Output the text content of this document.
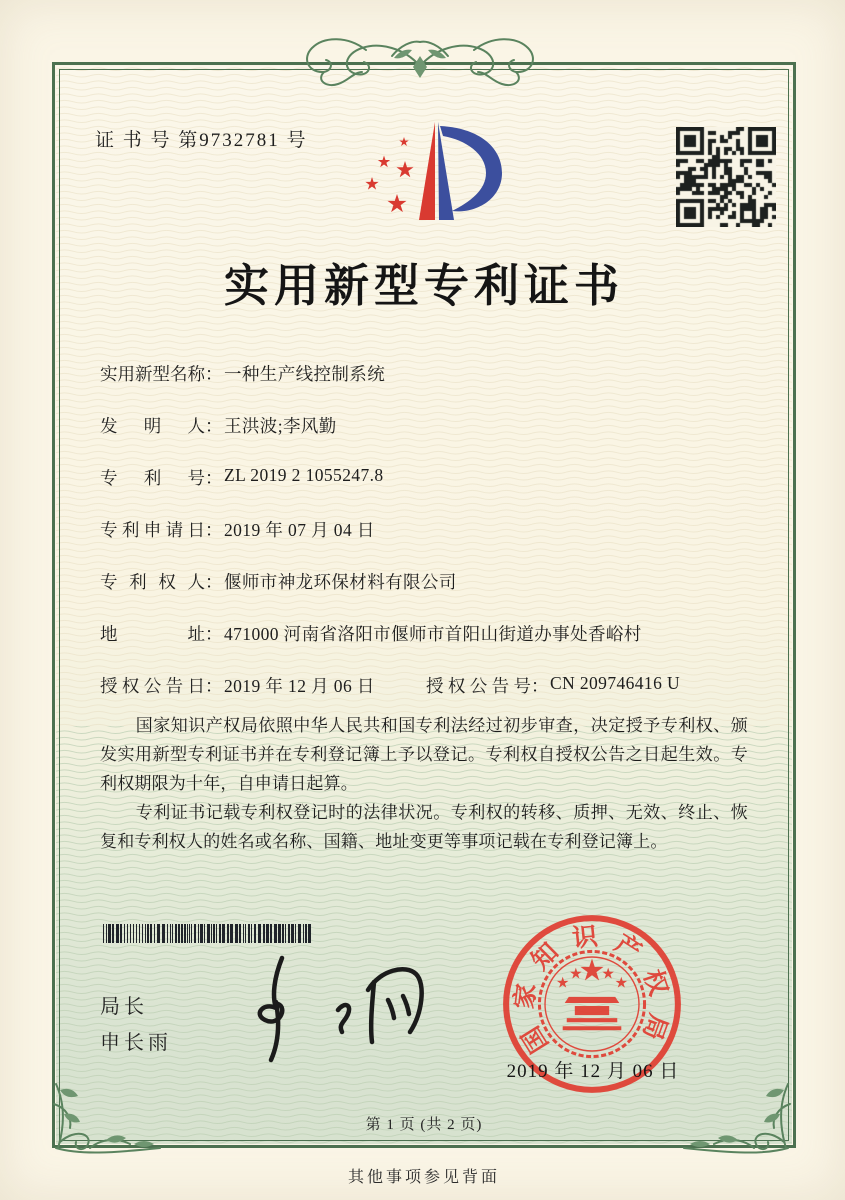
证 书 号 第9732781 号
实用新型专利证书
实用新型名称：一种生产线控制系统
发明人：王洪波;李风勤
专利号：ZL 2019 2 1055247.8
专利申请日：2019 年 07 月 04 日
专利权人：偃师市神龙环保材料有限公司
地址：471000 河南省洛阳市偃师市首阳山街道办事处香峪村
授权公告日：2019 年 12 月 06 日	授权公告号：CN 209746416 U

国家知识产权局依照中华人民共和国专利法经过初步审查，决定授予专利权、颁发实用新型专利证书并在专利登记簿上予以登记。专利权自授权公告之日起生效。专利权期限为十年，自申请日起算。

专利证书记载专利权登记时的法律状况。专利权的转移、质押、无效、终止、恢复和专利权人的姓名或名称、国籍、地址变更等事项记载在专利登记簿上。

局长
申长雨	国
家
知
识 产
权
局
2019 年 12 月 06 日
第 1 页 (共 2 页)
其他事项参见背面
